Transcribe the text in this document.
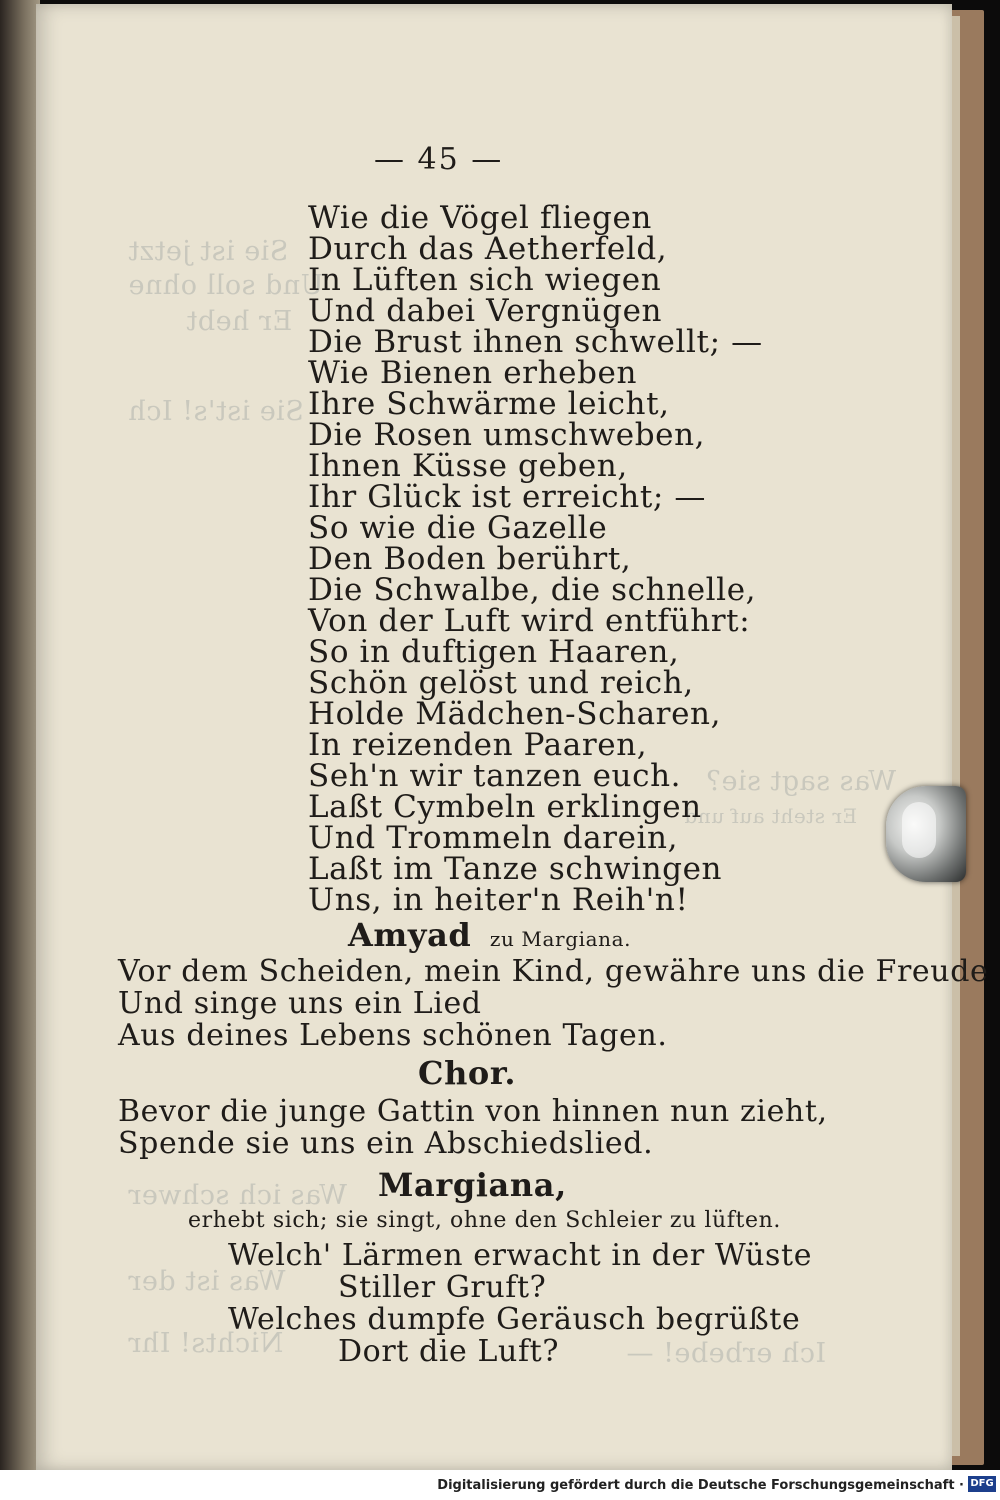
Sie ist jetzt
Und soll ohne
Er hebt
Sie ist's! Ich
Was sagt sie?
Er steht auf und
Was ich schwer
Was ist der
Nichts! Ihr	Ich erbebe! —
— 45 —
Wie die Vögel fliegen
Durch das Aetherfeld,
In Lüften sich wiegen
Und dabei Vergnügen
Die Brust ihnen schwellt; —
Wie Bienen erheben
Ihre Schwärme leicht,
Die Rosen umschweben,
Ihnen Küsse geben,
Ihr Glück ist erreicht; —
So wie die Gazelle
Den Boden berührt,
Die Schwalbe, die schnelle,
Von der Luft wird entführt:
So in duftigen Haaren,
Schön gelöst und reich,
Holde Mädchen-Scharen,
In reizenden Paaren,
Seh'n wir tanzen euch.
Laßt Cymbeln erklingen
Und Trommeln darein,
Laßt im Tanze schwingen
Uns, in heiter'n Reih'n!
Amyad zu Margiana.
Vor dem Scheiden, mein Kind, gewähre uns die Freude
Und singe uns ein Lied
Aus deines Lebens schönen Tagen.
Chor.
Bevor die junge Gattin von hinnen nun zieht,
Spende sie uns ein Abschiedslied.
Margiana,
erhebt sich; sie singt, ohne den Schleier zu lüften.
Welch' Lärmen erwacht in der Wüste
Stiller Gruft?
Welches dumpfe Geräusch begrüßte
Dort die Luft?
Digitalisierung gefördert durch die Deutsche Forschungsgemeinschaft · DFG
